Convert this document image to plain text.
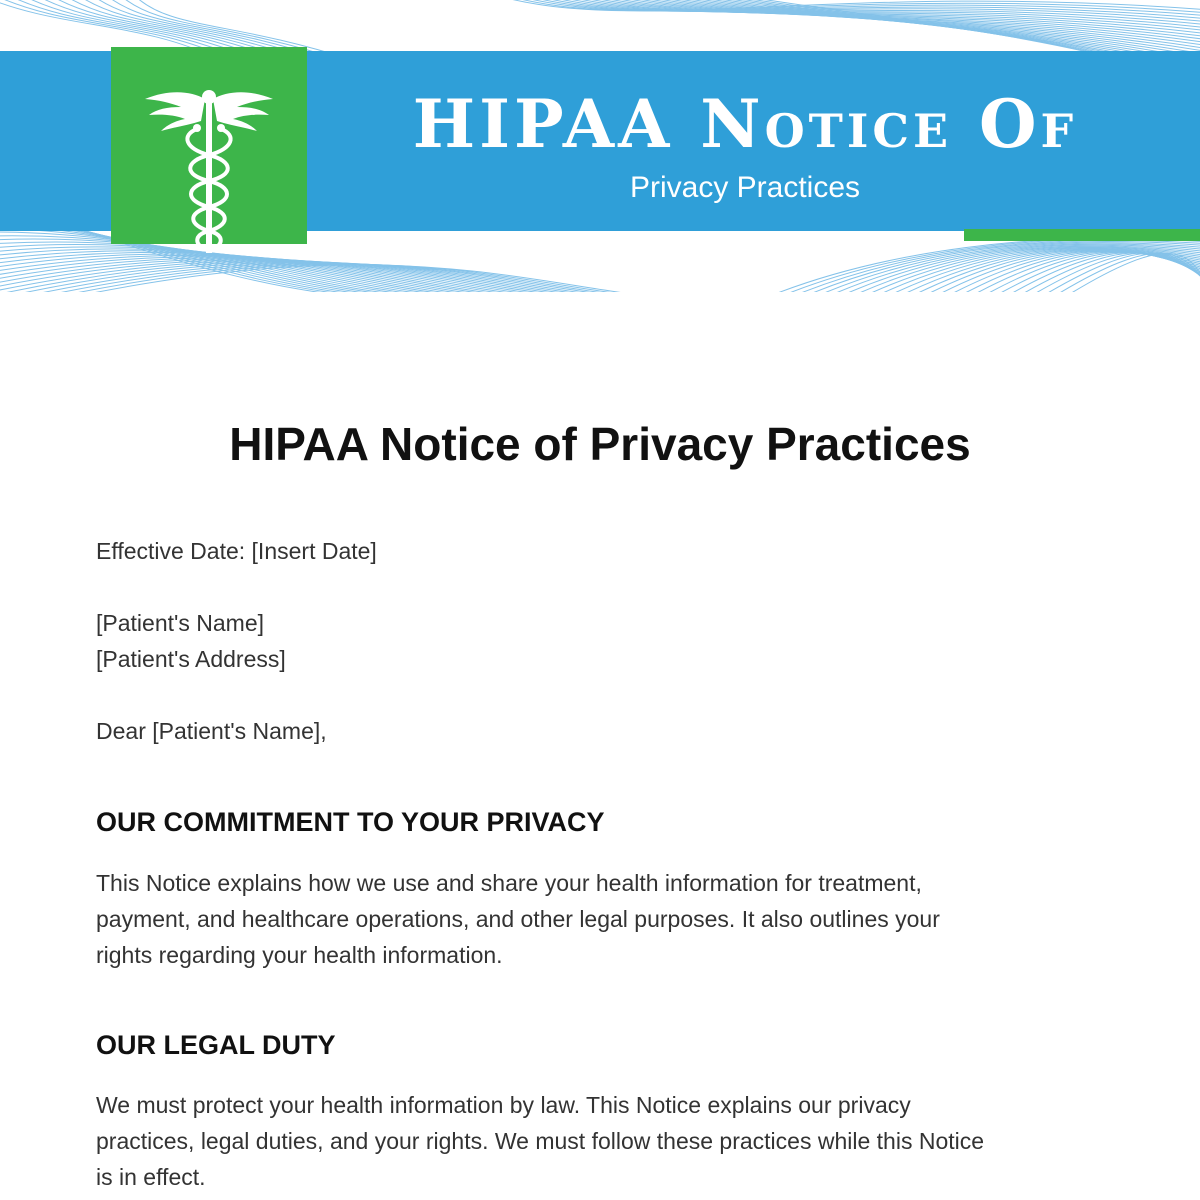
HIPAA Notice Of
Privacy Practices
HIPAA Notice of Privacy Practices
Effective Date: [Insert Date]
[Patient's Name]
[Patient's Address]
Dear [Patient's Name],
OUR COMMITMENT TO YOUR PRIVACY
This Notice explains how we use and share your health information for treatment,
payment, and healthcare operations, and other legal purposes. It also outlines your
rights regarding your health information.
OUR LEGAL DUTY
We must protect your health information by law. This Notice explains our privacy
practices, legal duties, and your rights. We must follow these practices while this Notice
is in effect.
